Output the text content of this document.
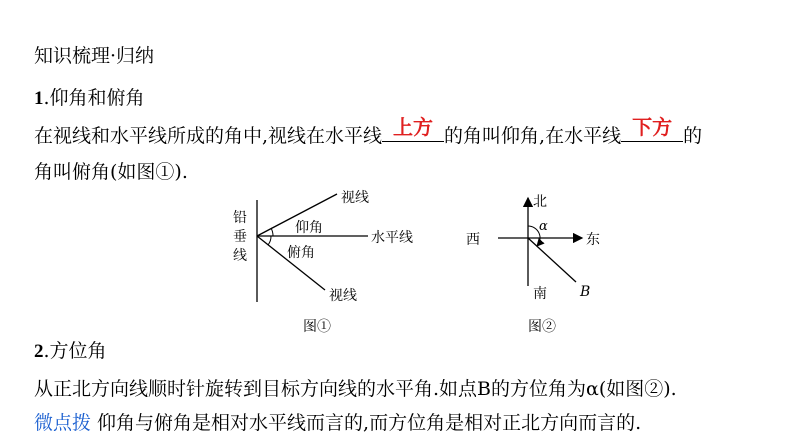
知识梳理·归纳
1.仰角和俯角
在视线和水平线所成的角中,视线在水平线 上方 的角叫仰角,在水平线 下方 的
角叫俯角(如图①).
铅
垂
线
视线
仰角
水平线
俯角
视线
图①
北
西	东
南
α
B
图②
2.方位角
从正北方向线顺时针旋转到目标方向线的水平角.如点B的方位角为α(如图②).
微点拨 仰角与俯角是相对水平线而言的,而方位角是相对正北方向而言的.
